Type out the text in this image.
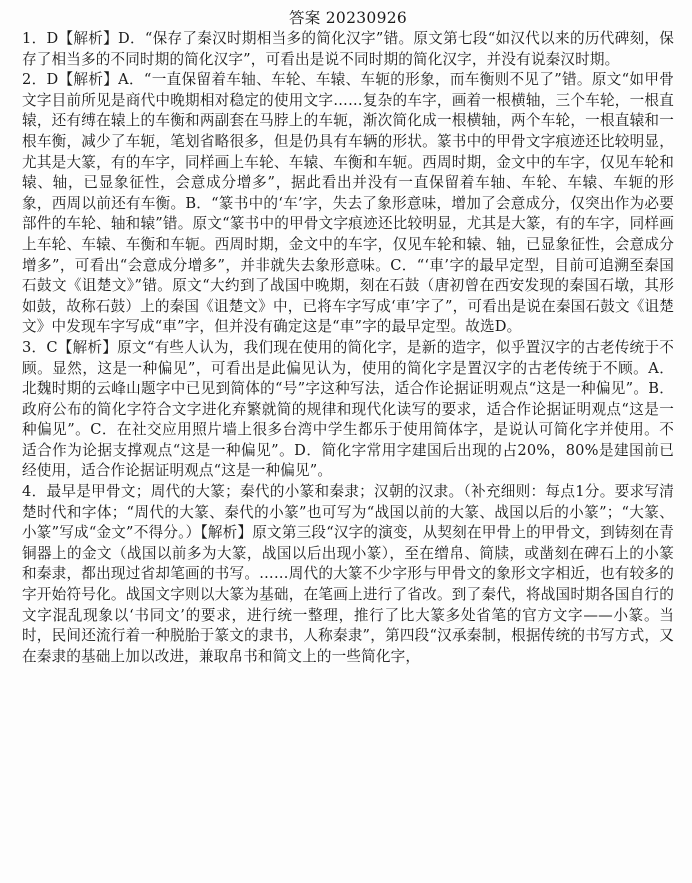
答案 20230926

1．D【解析】D．“保存了秦汉时期相当多的简化汉字”错。原文第七段“如汉代以来的历代碑刻，保存了相当多的不同时期的简化汉字”，可看出是说不同时期的简化汉字，并没有说秦汉时期。

2．D【解析】A．“一直保留着车轴、车轮、车辕、车轭的形象，而车衡则不见了”错。原文“如甲骨文字目前所见是商代中晚期相对稳定的使用文字……复杂的车字，画着一根横轴，三个车轮，一根直辕，还有缚在辕上的车衡和两副套在马脖上的车轭，渐次简化成一根横轴，两个车轮，一根直辕和一根车衡，减少了车轭，笔划省略很多，但是仍具有车辆的形状。篆书中的甲骨文字痕迹还比较明显，尤其是大篆，有的车字，同样画上车轮、车辕、车衡和车轭。西周时期，金文中的车字，仅见车轮和辕、轴，已显象征性，会意成分增多”，据此看出并没有一直保留着车轴、车轮、车辕、车轭的形象，西周以前还有车衡。B．“篆书中的‘车’字，失去了象形意味，增加了会意成分，仅突出作为必要部件的车轮、轴和辕”错。原文“篆书中的甲骨文字痕迹还比较明显，尤其是大篆，有的车字，同样画上车轮、车辕、车衡和车轭。西周时期，金文中的车字，仅见车轮和辕、轴，已显象征性，会意成分增多”，可看出“会意成分增多”，并非就失去象形意味。C．“‘車’字的最早定型，目前可追溯至秦国石鼓文《诅楚文》”错。原文“大约到了战国中晚期，刻在石鼓（唐初曾在西安发现的秦国石墩，其形如鼓，故称石鼓）上的秦国《诅楚文》中，已将车字写成‘車’字了”，可看出是说在秦国石鼓文《诅楚文》中发现车字写成“車”字，但并没有确定这是“車”字的最早定型。故选D。

3．C【解析】原文“有些人认为，我们现在使用的简化字，是新的造字，似乎置汉字的古老传统于不顾。显然，这是一种偏见”，可看出是此偏见认为，使用的简化字是置汉字的古老传统于不顾。A．北魏时期的云峰山题字中已见到简体的“号”字这种写法，适合作论据证明观点“这是一种偏见”。B．政府公布的简化字符合文字进化弃繁就简的规律和现代化读写的要求，适合作论据证明观点“这是一种偏见”。C．在社交应用照片墙上很多台湾中学生都乐于使用简体字，是说认可简化字并使用。不适合作为论据支撑观点“这是一种偏见”。D．简化字常用字建国后出现的占20%，80%是建国前已经使用，适合作论据证明观点“这是一种偏见”。

4．最早是甲骨文；周代的大篆；秦代的小篆和秦隶；汉朝的汉隶。（补充细则：每点1分。要求写清楚时代和字体；“周代的大篆、秦代的小篆”也可写为“战国以前的大篆、战国以后的小篆”；“大篆、小篆”写成“金文”不得分。）【解析】原文第三段“汉字的演变，从契刻在甲骨上的甲骨文，到铸刻在青铜器上的金文（战国以前多为大篆，战国以后出现小篆），至在缯帛、简牍，或凿刻在碑石上的小篆和秦隶，都出现过省却笔画的书写。……周代的大篆不少字形与甲骨文的象形文字相近，也有较多的字开始符号化。战国文字则以大篆为基础，在笔画上进行了省改。到了秦代，将战国时期各国自行的文字混乱现象以‘书同文’的要求，进行统一整理，推行了比大篆多处省笔的官方文字——小篆。当时，民间还流行着一种脱胎于篆文的隶书，人称秦隶”，第四段“汉承秦制，根据传统的书写方式，又在秦隶的基础上加以改进，兼取帛书和简文上的一些简化字，
